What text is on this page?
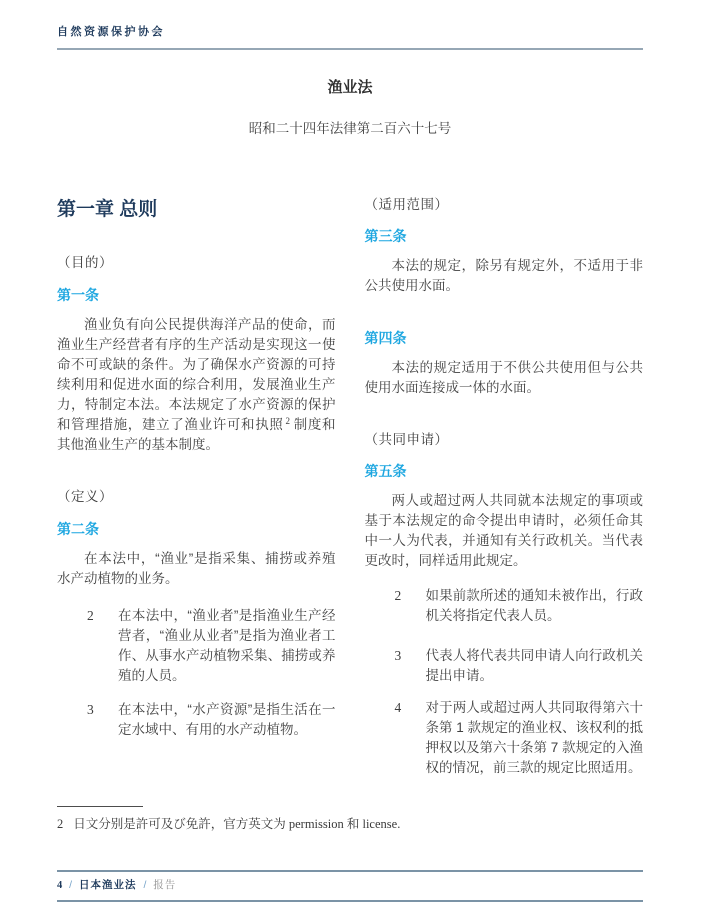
自然资源保护协会
渔业法
昭和二十四年法律第二百六十七号
第一章 总则
（目的）
第一条

渔业负有向公民提供海洋产品的使命，而渔业生产经营者有序的生产活动是实现这一使命不可或缺的条件。为了确保水产资源的可持续利用和促进水面的综合利用，发展渔业生产力，特制定本法。本法规定了水产资源的保护和管理措施，建立了渔业许可和执照 $^2$ 制度和其他渔业生产的基本制度。

（定义）
第二条

在本法中，“渔业”是指采集、捕捞或养殖水产动植物的业务。

2	在本法中，“渔业者”是指渔业生产经营者，“渔业从业者”是指为渔业者工作、从事水产动植物采集、捕捞或养殖的人员。
3	在本法中，“水产资源”是指生活在一定水域中、有用的水产动植物。
（适用范围）
第三条

本法的规定，除另有规定外，不适用于非公共使用水面。

第四条

本法的规定适用于不供公共使用但与公共使用水面连接成一体的水面。

（共同申请）
第五条

两人或超过两人共同就本法规定的事项或基于本法规定的命令提出申请时，必须任命其中一人为代表，并通知有关行政机关。当代表更改时，同样适用此规定。

2	如果前款所述的通知未被作出，行政机关将指定代表人员。
3	代表人将代表共同申请人向行政机关提出申请。
4	对于两人或超过两人共同取得第六十条第 1 款规定的渔业权、该权利的抵押权以及第六十条第 7 款规定的入渔权的情况，前三款的规定比照适用。
2 日文分别是許可及び免許，官方英文为 permission 和 license.
4 / 日本渔业法 / 报告
